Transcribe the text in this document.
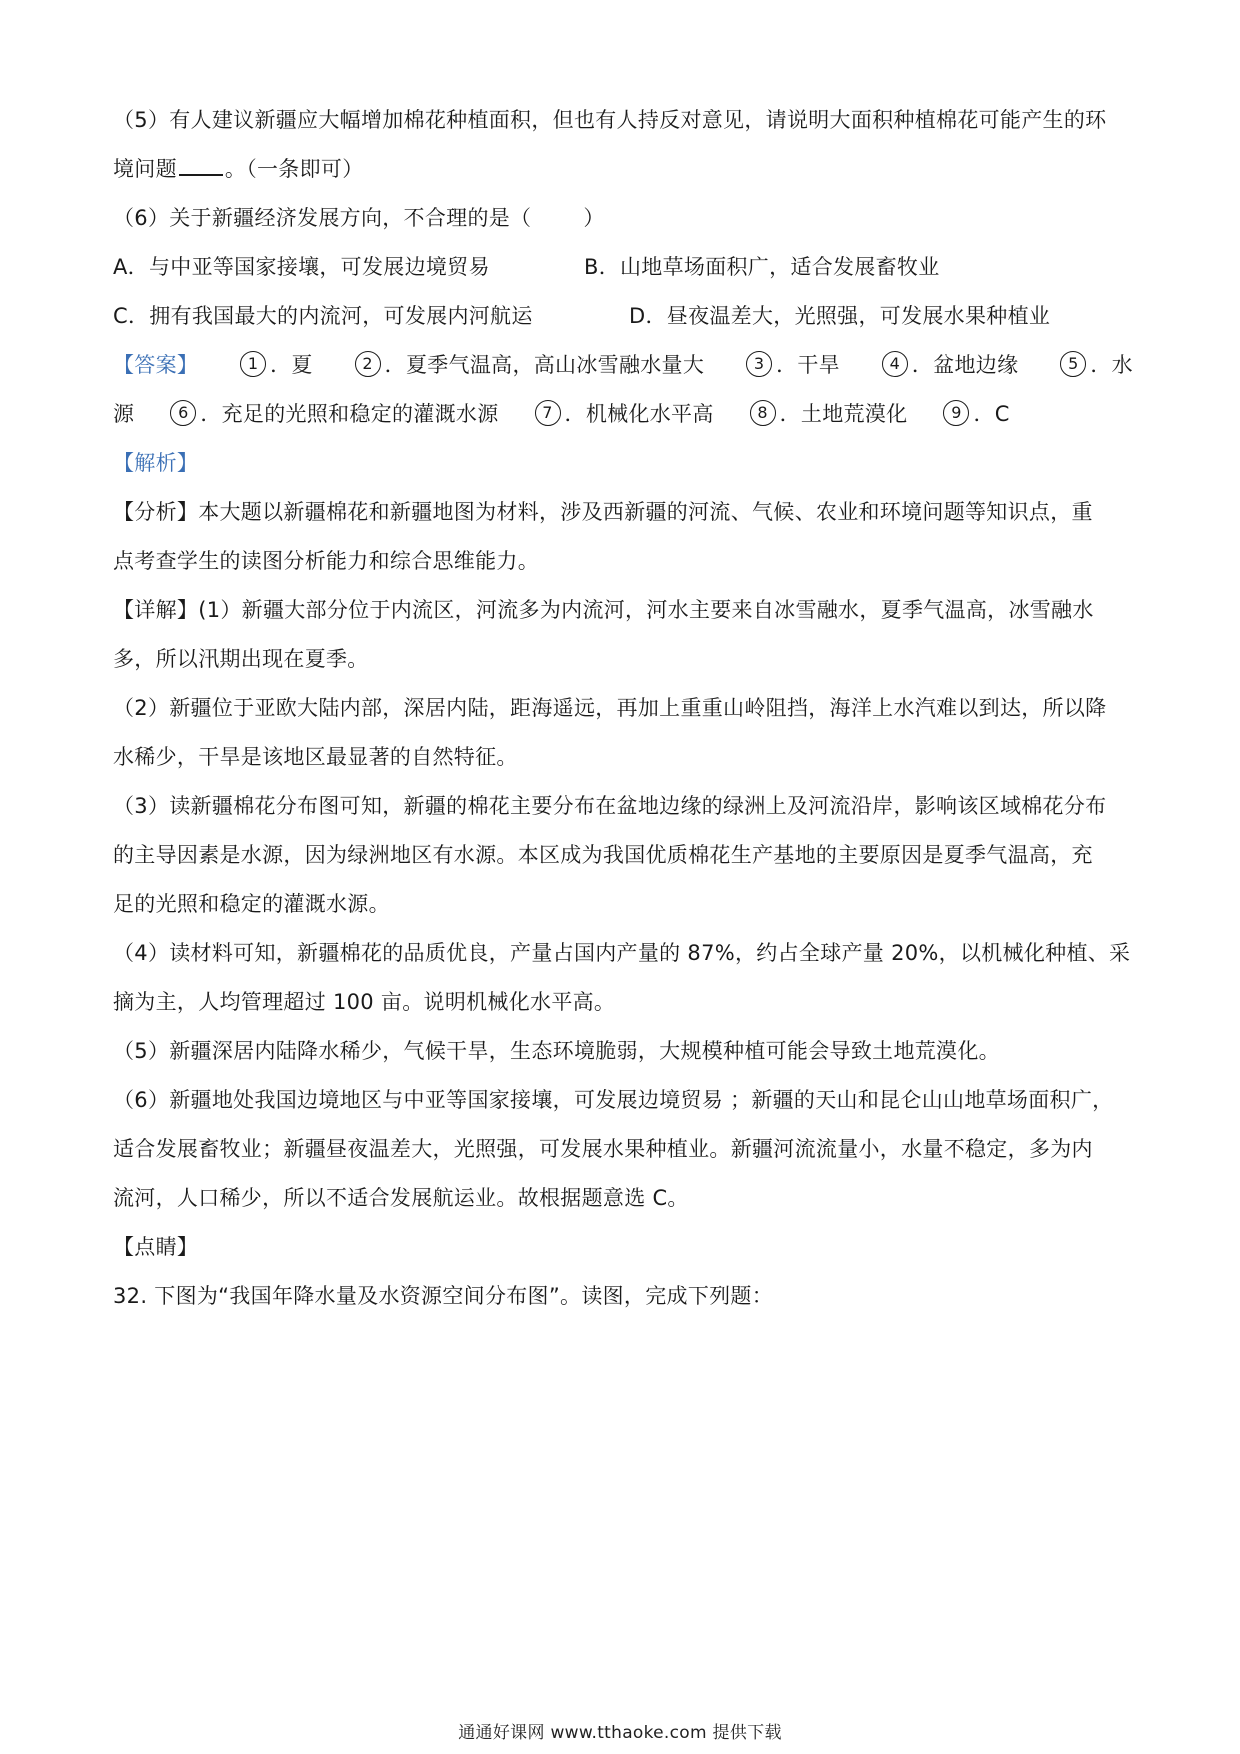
（5）有人建议新疆应大幅增加棉花种植面积，但也有人持反对意见，请说明大面积种植棉花可能产生的环
境问题 。（一条即可）
（6）关于新疆经济发展方向，不合理的是（ ）
A．与中亚等国家接壤，可发展边境贸易	B．山地草场面积广，适合发展畜牧业
C．拥有我国最大的内流河，可发展内河航运	D．昼夜温差大，光照强，可发展水果种植业
【答案】	1 ．夏	2 ．夏季气温高，高山冰雪融水量大	3 ．干旱	4 ．盆地边缘	5 ．水
源	6 ．充足的光照和稳定的灌溉水源	7 ．机械化水平高	8 ．土地荒漠化	9 ．C
【解析】
【分析】本大题以新疆棉花和新疆地图为材料，涉及西新疆的河流、气候、农业和环境问题等知识点，重
点考查学生的读图分析能力和综合思维能力。
【详解】(1）新疆大部分位于内流区，河流多为内流河，河水主要来自冰雪融水，夏季气温高，冰雪融水
多，所以汛期出现在夏季。
（2）新疆位于亚欧大陆内部，深居内陆，距海遥远，再加上重重山岭阻挡，海洋上水汽难以到达，所以降
水稀少，干旱是该地区最显著的自然特征。
（3）读新疆棉花分布图可知，新疆的棉花主要分布在盆地边缘的绿洲上及河流沿岸，影响该区域棉花分布
的主导因素是水源，因为绿洲地区有水源。本区成为我国优质棉花生产基地的主要原因是夏季气温高，充
足的光照和稳定的灌溉水源。
（4）读材料可知，新疆棉花的品质优良，产量占国内产量的 87%，约占全球产量 20%，以机械化种植、采
摘为主，人均管理超过 100 亩。说明机械化水平高。
（5）新疆深居内陆降水稀少，气候干旱，生态环境脆弱，大规模种植可能会导致土地荒漠化。
（6）新疆地处我国边境地区与中亚等国家接壤，可发展边境贸易 ；新疆的天山和昆仑山山地草场面积广，
适合发展畜牧业；新疆昼夜温差大，光照强，可发展水果种植业。新疆河流流量小，水量不稳定，多为内
流河，人口稀少，所以不适合发展航运业。故根据题意选 C。
【点睛】
32. 下图为“我国年降水量及水资源空间分布图”。读图，完成下列题：
通通好课网 www.tthaoke.com 提供下载
